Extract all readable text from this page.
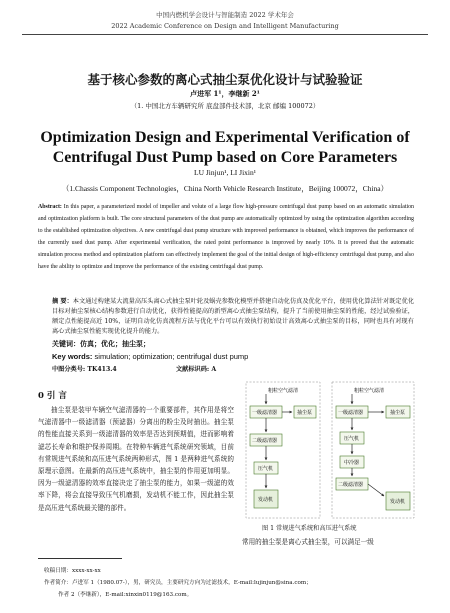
中国内燃机学会设计与智能制造 2022 学术年会
2022 Academic Conference on Design and Intelligent Manufacturing
基于核心参数的离心式抽尘泵优化设计与试验验证
卢进军 1¹，李继新 2¹
（1. 中国北方车辆研究所 底盘部件技术部，北京 邮编 100072）
Optimization Design and Experimental Verification of
Centrifugal Dust Pump based on Core Parameters
LU Jinjun¹, LI Jixin¹
（1.Chassis Component Technologies，China North Vehicle Research Institute，Beijing 100072，China）
Abstract: In this paper, a parameterized model of impeller and volute of a large flow high-pressure centrifugal dust pump based on an automatic simulation and optimization platform is built. The core structural parameters of the dust pump are automatically optimized by using the optimization algorithm according to the established optimization objectives. A new centrifugal dust pump structure with improved performance is obtained, which improves the performance of the currently used dust pump. After experimental verification, the rated point performance is improved by nearly 10%. It is proved that the automatic simulation process method and optimization platform can effectively implement the goal of the initial design of high-efficiency centrifugal dust pump, and also have the ability to optimize and improve the performance of the existing centrifugal dust pump.
摘 要：本文通过构建某大流量高压头离心式抽尘泵叶轮及蜗壳参数化模型并搭建自动化仿真及优化平台，使用优化算法针对既定优化目标对抽尘泵核心结构参数进行自动优化，获得性能提高的新型离心式抽尘泵结构，提升了当前使用抽尘泵的性能，经过试验验证，额定点性能提高近 10%，证明自动化仿真流程方法与优化平台可以有效执行初始设计高效离心式抽尘泵的目标，同时也具有对现有离心式抽尘泵性能实现优化提升的能力。
关键词：仿真；优化；抽尘泵；
Key words: simulation; optimization; centrifugal dust pump
中图分类号: TK413.4	文献标识码: A
0 引 言
抽尘泵是装甲车辆空气滤清器的一个重要部件，其作用是将空气滤清器中一级滤清器（预滤器）分离出的粉尘及时抽出。抽尘泵的性能直接关系到一级滤清器的效率是否达到预期值，进而影响着滤芯长寿命和维护保养周期。在特种车辆进气系统研究领域，目前有常规进气系统和高压进气系统两种形式，图 1 是两种进气系统的原理示意图。在最新的高压进气系统中，抽尘泵的作用更加明显。因为一级滤清器的效率直接决定了抽尘泵的能力，如果一级滤的效率下降，将会直接导致压气机磨损，发动机不能工作，因此抽尘泵是高压进气系统最关键的部件。
粗粒空气滤清
一级滤清器	抽尘泵
二级滤清器
压气机
发动机
粗粒空气滤清
一级滤清器	抽尘泵
压气机
中冷器
二级滤清器
发动机
图 1 常规进气系统和高压进气系统
常用的抽尘泵是离心式抽尘泵，可以满足一级
收稿日期：xxxx-xx-xx
作者简介：卢进军 1（1980.07-），男，研究员，主要研究方向为过滤技术，E-mail:lujinjun@sina.com；
作者 2（李继新），E-mail:xinxin0119@163.com。
